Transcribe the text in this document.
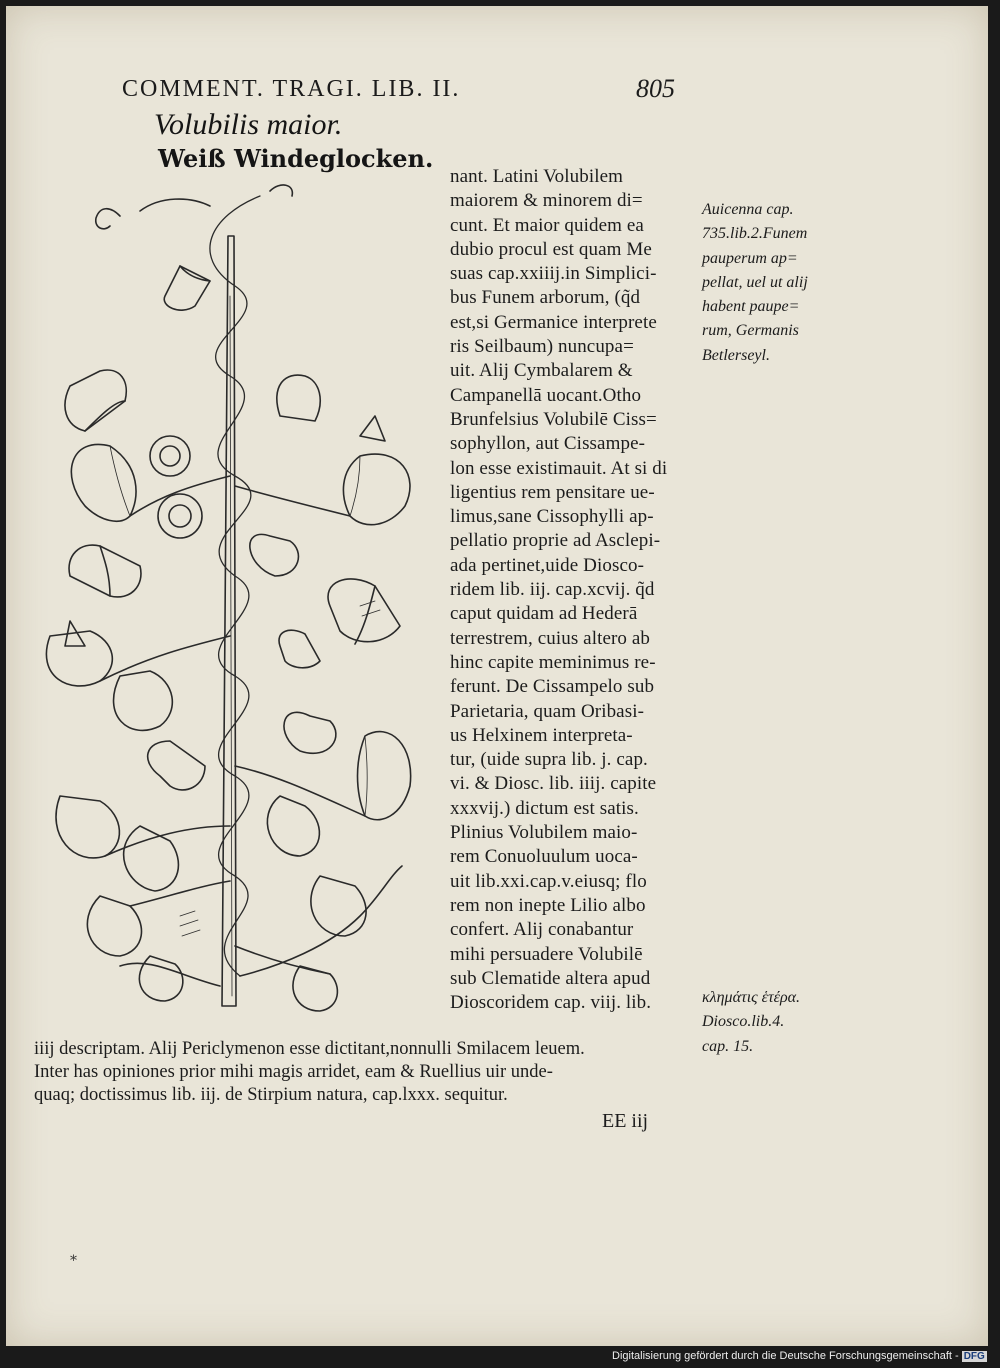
COMMENT. TRAGI. LIB. II.	805
Volubilis maior.
Weiß Windeglocken.
nant. Latini Volubilem
maiorem & minorem di=
cunt. Et maior quidem ea
dubio procul est quam Me
suas cap.xxiiij.in Simplici-
bus Funem arborum, (q̃d
est,si Germanice interprete
ris Seilbaum) nuncupa=
uit. Alij Cymbalarem &
Campanellā uocant.Otho
Brunfelsius Volubilē Ciss=
sophyllon, aut Cissampe-
lon esse existimauit. At si di
ligentius rem pensitare ue-
limus,sane Cissophylli ap-
pellatio proprie ad Asclepi-
ada pertinet,uide Diosco-
ridem lib. iij. cap.xcvij. q̃d
caput quidam ad Hederā
terrestrem, cuius altero ab
hinc capite meminimus re-
ferunt. De Cissampelo sub
Parietaria, quam Oribasi-
us Helxinem interpreta-
tur, (uide supra lib. j. cap.
vi. & Diosc. lib. iiij. capite
xxxvij.) dictum est satis.
Plinius Volubilem maio-
rem Conuoluulum uoca-
uit lib.xxi.cap.v.eiusq; flo
rem non inepte Lilio albo
confert. Alij conabantur
mihi persuadere Volubilē
sub Clematide altera apud
Dioscoridem cap. viij. lib.
Auicenna cap.
735.lib.2.Funem
pauperum ap=
pellat, uel ut alij
habent paupe=
rum, Germanis
Betlerseyl.
κλημάτις ἑτέρα.
Diosco.lib.4.
cap. 15.
iiij descriptam. Alij Periclymenon esse dictitant,nonnulli Smilacem leuem.
Inter has opiniones prior mihi magis arridet, eam & Ruellius uir unde-
quaq; doctissimus lib. iij. de Stirpium natura, cap.lxxx. sequitur.
EE iij
*
Digitalisierung gefördert durch die Deutsche Forschungsgemeinschaft - DFG
